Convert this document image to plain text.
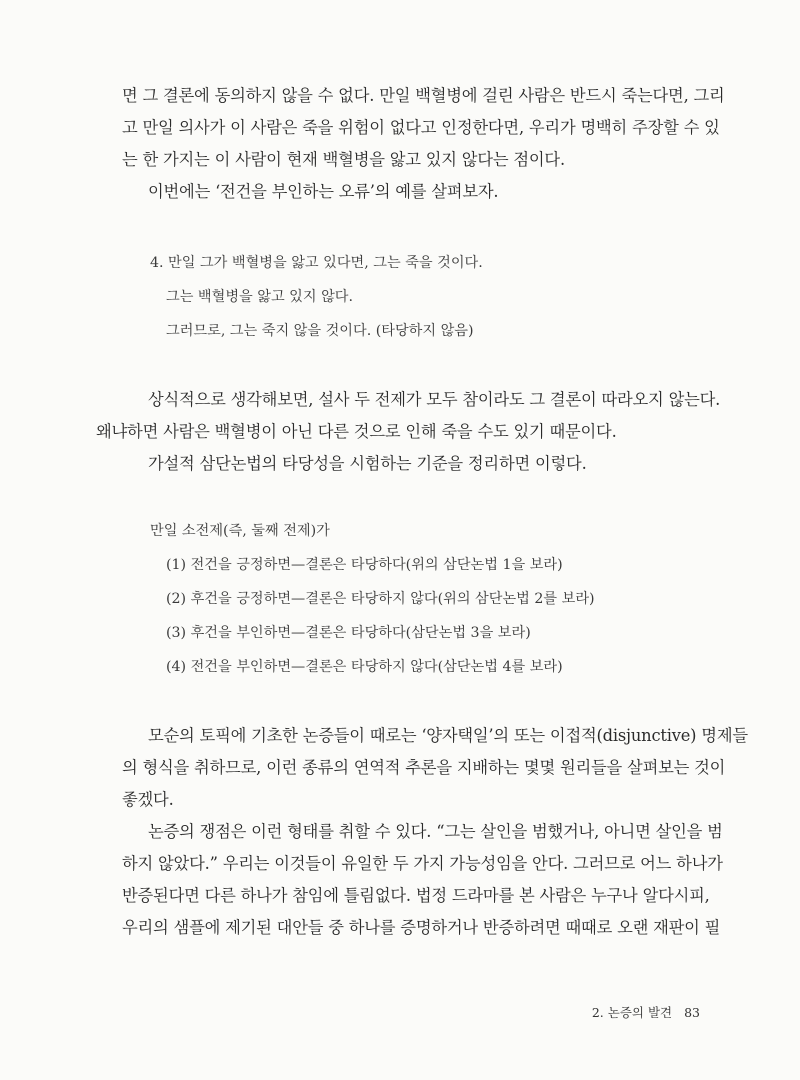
면 그 결론에 동의하지 않을 수 없다. 만일 백혈병에 걸린 사람은 반드시 죽는다면, 그리
고 만일 의사가 이 사람은 죽을 위험이 없다고 인정한다면, 우리가 명백히 주장할 수 있
는 한 가지는 이 사람이 현재 백혈병을 앓고 있지 않다는 점이다.

이번에는 ‘전건을 부인하는 오류’의 예를 살펴보자.

4. 만일 그가 백혈병을 앓고 있다면, 그는 죽을 것이다.
그는 백혈병을 앓고 있지 않다.
그러므로, 그는 죽지 않을 것이다. (타당하지 않음)

상식적으로 생각해보면, 설사 두 전제가 모두 참이라도 그 결론이 따라오지 않는다.
왜냐하면 사람은 백혈병이 아닌 다른 것으로 인해 죽을 수도 있기 때문이다.

가설적 삼단논법의 타당성을 시험하는 기준을 정리하면 이렇다.

만일 소전제(즉, 둘째 전제)가
(1) 전건을 긍정하면—결론은 타당하다(위의 삼단논법 1을 보라)
(2) 후건을 긍정하면—결론은 타당하지 않다(위의 삼단논법 2를 보라)
(3) 후건을 부인하면—결론은 타당하다(삼단논법 3을 보라)
(4) 전건을 부인하면—결론은 타당하지 않다(삼단논법 4를 보라)

모순의 토픽에 기초한 논증들이 때로는 ‘양자택일’의 또는 이접적(disjunctive) 명제들
의 형식을 취하므로, 이런 종류의 연역적 추론을 지배하는 몇몇 원리들을 살펴보는 것이
좋겠다.

논증의 쟁점은 이런 형태를 취할 수 있다. “그는 살인을 범했거나, 아니면 살인을 범
하지 않았다.” 우리는 이것들이 유일한 두 가지 가능성임을 안다. 그러므로 어느 하나가
반증된다면 다른 하나가 참임에 틀림없다. 법정 드라마를 본 사람은 누구나 알다시피,
우리의 샘플에 제기된 대안들 중 하나를 증명하거나 반증하려면 때때로 오랜 재판이 필

2. 논증의 발견 83
